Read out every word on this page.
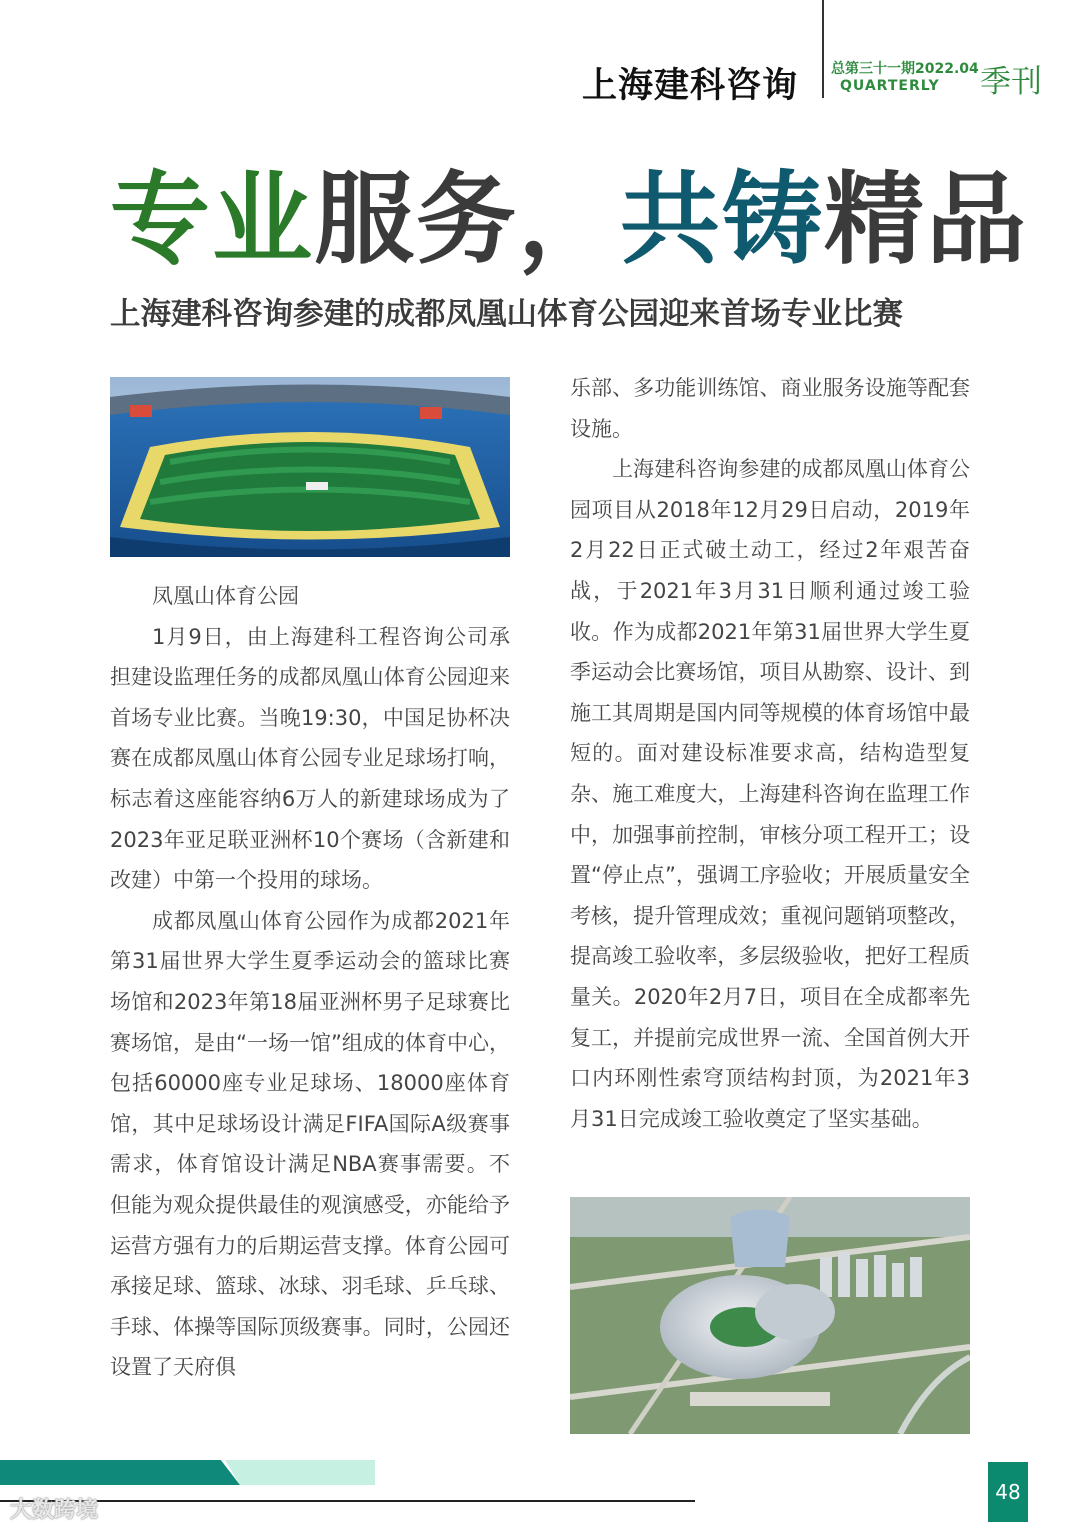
上海建科咨询 总第三十一期2022.04
QUARTERLY 季刊
专业服务，共铸精品
上海建科咨询参建的成都凤凰山体育公园迎来首场专业比赛

凤凰山体育公园

1月9日，由上海建科工程咨询公司承担建设监理任务的成都凤凰山体育公园迎来首场专业比赛。当晚19:30，中国足协杯决赛在成都凤凰山体育公园专业足球场打响，标志着这座能容纳6万人的新建球场成为了2023年亚足联亚洲杯10个赛场（含新建和改建）中第一个投用的球场。

成都凤凰山体育公园作为成都2021年第31届世界大学生夏季运动会的篮球比赛场馆和2023年第18届亚洲杯男子足球赛比赛场馆，是由“一场一馆”组成的体育中心，包括60000座专业足球场、18000座体育馆，其中足球场设计满足FIFA国际A级赛事需求，体育馆设计满足NBA赛事需要。不但能为观众提供最佳的观演感受，亦能给予运营方强有力的后期运营支撑。体育公园可承接足球、篮球、冰球、羽毛球、乒乓球、手球、体操等国际顶级赛事。同时，公园还设置了天府俱

乐部、多功能训练馆、商业服务设施等配套设施。

上海建科咨询参建的成都凤凰山体育公园项目从2018年12月29日启动，2019年2月22日正式破土动工，经过2年艰苦奋战，于2021年3月31日顺利通过竣工验收。作为成都2021年第31届世界大学生夏季运动会比赛场馆，项目从勘察、设计、到施工其周期是国内同等规模的体育场馆中最短的。面对建设标准要求高，结构造型复杂、施工难度大，上海建科咨询在监理工作中，加强事前控制，审核分项工程开工；设置“停止点”，强调工序验收；开展质量安全考核，提升管理成效；重视问题销项整改，提高竣工验收率，多层级验收，把好工程质量关。2020年2月7日，项目在全成都率先复工，并提前完成世界一流、全国首例大开口内环刚性索穹顶结构封顶，为2021年3月31日完成竣工验收奠定了坚实基础。

48
大数跨境
